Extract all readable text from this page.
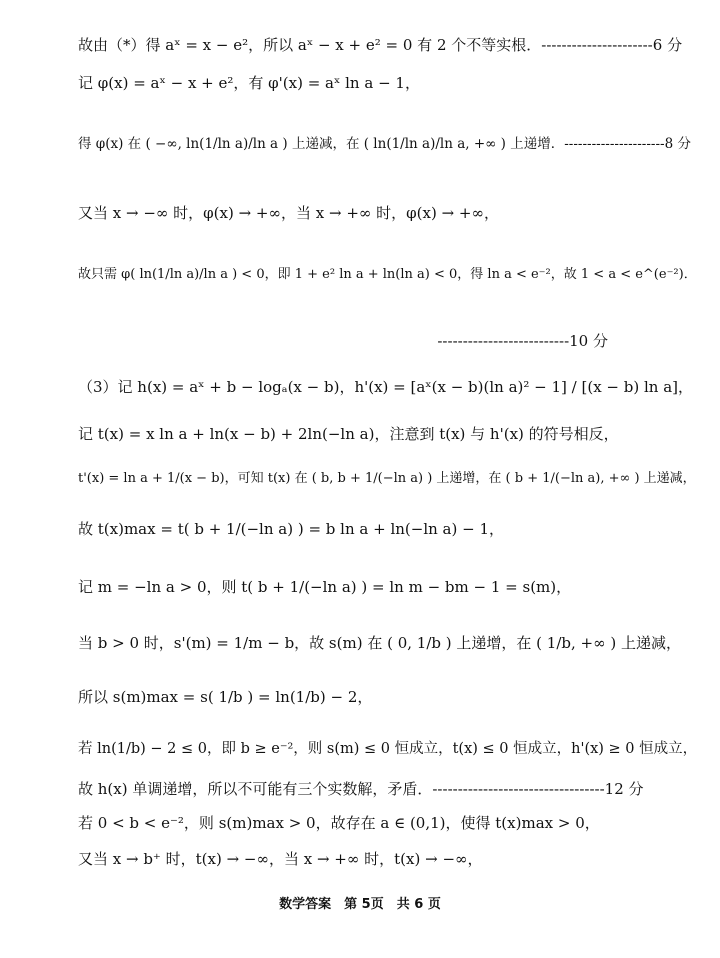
故由（*）得 aˣ = x − e²，所以 aˣ − x + e² = 0 有 2 个不等实根．----------------------6 分
记 φ(x) = aˣ − x + e²，有 φ'(x) = aˣ ln a − 1，
得 φ(x) 在 ( −∞, ln(1/ln a)/ln a ) 上递减，在 ( ln(1/ln a)/ln a, +∞ ) 上递增．----------------------8 分
又当 x → −∞ 时，φ(x) → +∞，当 x → +∞ 时，φ(x) → +∞，
故只需 φ( ln(1/ln a)/ln a ) < 0，即 1 + e² ln a + ln(ln a) < 0，得 ln a < e⁻²，故 1 < a < e^(e⁻²)．
--------------------------10 分
（3）记 h(x) = aˣ + b − logₐ(x − b)，h'(x) = [aˣ(x − b)(ln a)² − 1] / [(x − b) ln a]，
记 t(x) = x ln a + ln(x − b) + 2ln(−ln a)，注意到 t(x) 与 h'(x) 的符号相反，
t'(x) = ln a + 1/(x − b)，可知 t(x) 在 ( b, b + 1/(−ln a) ) 上递增，在 ( b + 1/(−ln a), +∞ ) 上递减，
故 t(x)max = t( b + 1/(−ln a) ) = b ln a + ln(−ln a) − 1，
记 m = −ln a > 0，则 t( b + 1/(−ln a) ) = ln m − bm − 1 = s(m)，
当 b > 0 时，s'(m) = 1/m − b，故 s(m) 在 ( 0, 1/b ) 上递增，在 ( 1/b, +∞ ) 上递减，
所以 s(m)max = s( 1/b ) = ln(1/b) − 2，
若 ln(1/b) − 2 ≤ 0，即 b ≥ e⁻²，则 s(m) ≤ 0 恒成立，t(x) ≤ 0 恒成立，h'(x) ≥ 0 恒成立，
故 h(x) 单调递增，所以不可能有三个实数解，矛盾．----------------------------------12 分
若 0 < b < e⁻²，则 s(m)max > 0，故存在 a ∈ (0,1)，使得 t(x)max > 0，
又当 x → b⁺ 时，t(x) → −∞，当 x → +∞ 时，t(x) → −∞，
数学答案　第 5页　共 6 页
